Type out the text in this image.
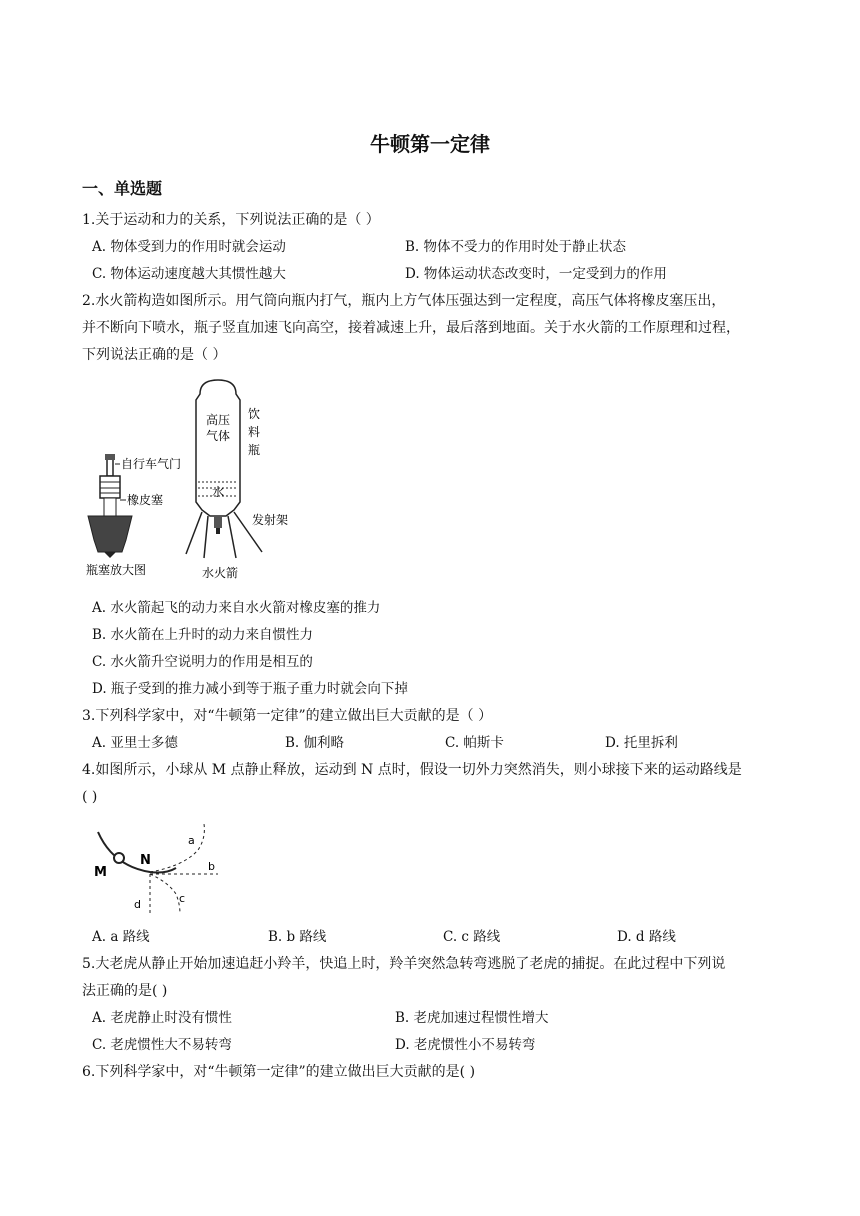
牛顿第一定律
一、单选题
1.关于运动和力的关系，下列说法正确的是（ ）
A. 物体受到力的作用时就会运动	B. 物体不受力的作用时处于静止状态
C. 物体运动速度越大其惯性越大	D. 物体运动状态改变时，一定受到力的作用
2.水火箭构造如图所示。用气筒向瓶内打气，瓶内上方气体压强达到一定程度，高压气体将橡皮塞压出，
并不断向下喷水，瓶子竖直加速飞向高空，接着减速上升，最后落到地面。关于水火箭的工作原理和过程，
下列说法正确的是（ ）
自行车气门
橡皮塞
瓶塞放大图
高压
气体
饮
料
瓶
水
发射架
水火箭
A. 水火箭起飞的动力来自水火箭对橡皮塞的推力
B. 水火箭在上升时的动力来自惯性力
C. 水火箭升空说明力的作用是相互的
D. 瓶子受到的推力减小到等于瓶子重力时就会向下掉
3.下列科学家中，对“牛顿第一定律”的建立做出巨大贡献的是（ ）
A. 亚里士多德	B. 伽利略	C. 帕斯卡	D. 托里拆利
4.如图所示，小球从 M 点静止释放，运动到 N 点时，假设一切外力突然消失，则小球接下来的运动路线是
( )
M
N
a
b
c
d
A. a 路线	B. b 路线	C. c 路线	D. d 路线
5.大老虎从静止开始加速追赶小羚羊，快追上时，羚羊突然急转弯逃脱了老虎的捕捉。在此过程中下列说
法正确的是( )
A. 老虎静止时没有惯性	B. 老虎加速过程惯性增大
C. 老虎惯性大不易转弯	D. 老虎惯性小不易转弯
6.下列科学家中，对“牛顿第一定律”的建立做出巨大贡献的是( )
